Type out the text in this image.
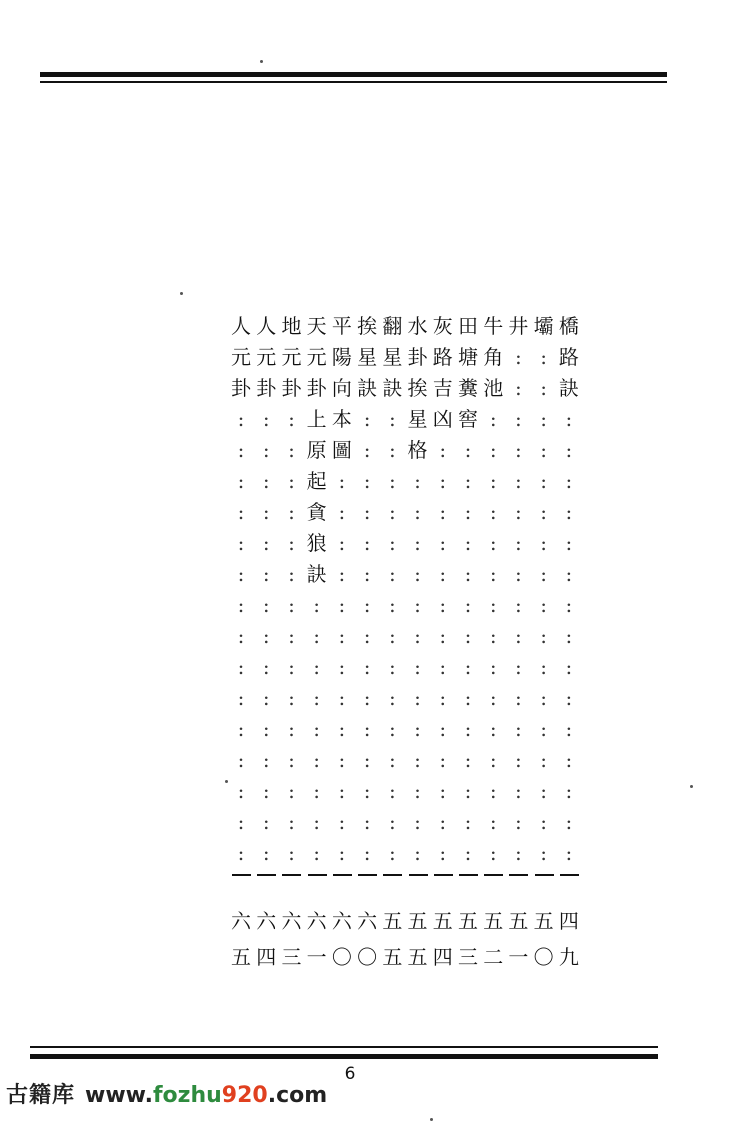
橋
路
訣
:
:
:
:
:
:
:
:
:
:
:
:
:
:
:
四
九
壩
:
:
:
:
:
:
:
:
:
:
:
:
:
:
:
:
:
五
〇
井
:
:
:
:
:
:
:
:
:
:
:
:
:
:
:
:
:
五
一
牛
角
池
:
:
:
:
:
:
:
:
:
:
:
:
:
:
:
五
二
田
塘
糞
窖
:
:
:
:
:
:
:
:
:
:
:
:
:
:
五
三
灰
路
吉
凶
:
:
:
:
:
:
:
:
:
:
:
:
:
:
五
四
水
卦
挨
星
格
:
:
:
:
:
:
:
:
:
:
:
:
:
五
五
翻
星
訣
:
:
:
:
:
:
:
:
:
:
:
:
:
:
:
五
五
挨
星
訣
:
:
:
:
:
:
:
:
:
:
:
:
:
:
:
六
〇
平
陽
向
本
圖
:
:
:
:
:
:
:
:
:
:
:
:
:
六
〇
天
元
卦
上
原
起
貪
狼
訣
:
:
:
:
:
:
:
:
:
六
一
地
元
卦
:
:
:
:
:
:
:
:
:
:
:
:
:
:
:
六
三
人
元
卦
:
:
:
:
:
:
:
:
:
:
:
:
:
:
:
六
四
人
元
卦
:
:
:
:
:
:
:
:
:
:
:
:
:
:
:
六
五
6
古籍库 www. fozhu 920 .com
